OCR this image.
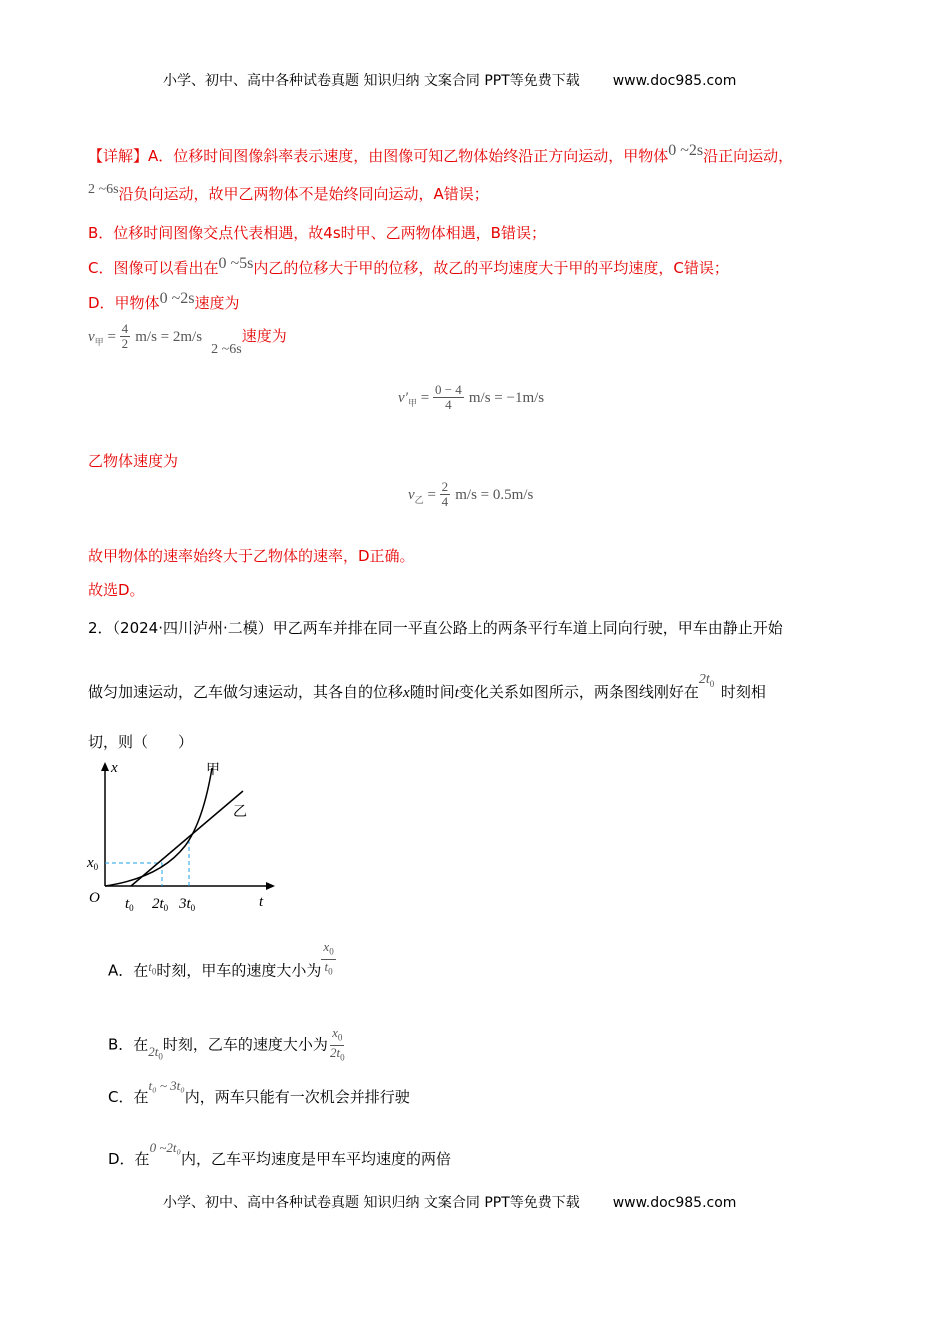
小学、初中、高中各种试卷真题 知识归纳 文案合同 PPT等免费下载 www.doc985.com
【详解】A．位移时间图像斜率表示速度，由图像可知乙物体始终沿正方向运动，甲物体0 ~2s沿正向运动，
2 ~6s沿负向运动，故甲乙两物体不是始终同向运动，A错误；
B．位移时间图像交点代表相遇，故4s时甲、乙两物体相遇，B错误；
C．图像可以看出在0 ~5s内乙的位移大于甲的位移，故乙的平均速度大于甲的平均速度，C错误；
D．甲物体0 ~2s速度为
$v_甲 = \frac{4}{2} m/s = 2m/s$ 2 ~6s速度为
$v'_甲 = \frac{0 - 4}{4} m/s = -1m/s$
乙物体速度为
$v_乙 = \frac{2}{4} m/s = 0.5m/s$
故甲物体的速率始终大于乙物体的速率，D正确。
故选D。
2．（2024·四川泸州·二模）甲乙两车并排在同一平直公路上的两条平行车道上同向行驶，甲车由静止开始
做匀加速运动，乙车做匀速运动，其各自的位移x随时间t变化关系如图所示，两条图线刚好在$2t_0$ 时刻相
切，则（　　）
x
t
O
甲
乙
$x_0$
$t_0$ $2t_0$ $3t_0$
A．在$t_0$时刻，甲车的速度大小为 $\frac{x_0}{t_0}$
B．在$2t_0$时刻，乙车的速度大小为 $\frac{x_0}{2t_0}$
C．在t₀ ~ 3t₀内，两车只能有一次机会并排行驶
D．在0 ~2t₀内，乙车平均速度是甲车平均速度的两倍
小学、初中、高中各种试卷真题 知识归纳 文案合同 PPT等免费下载 www.doc985.com
